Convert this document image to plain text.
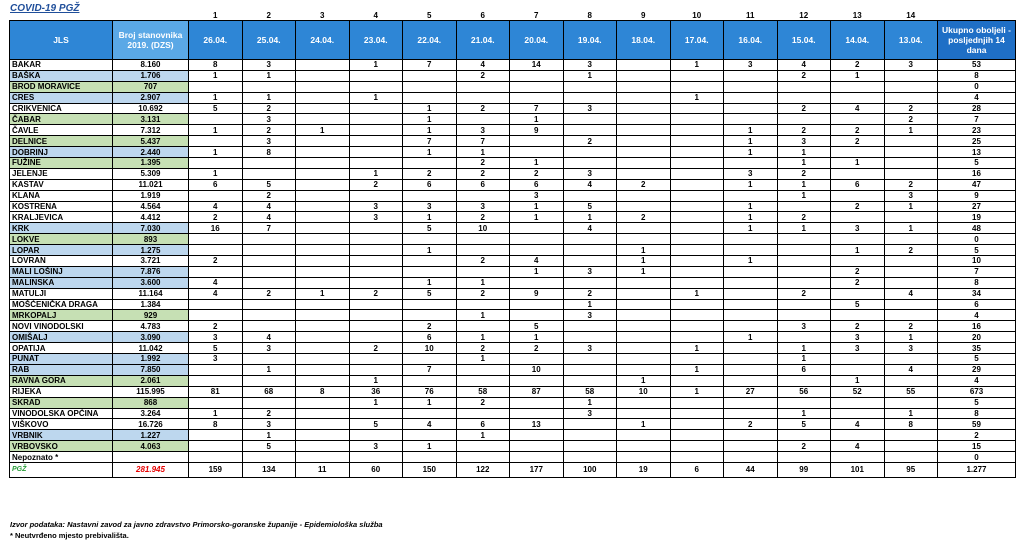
COVID-19 PGŽ
		1	2	3	4	5	6	7	8	9	10	11	12	13	14	
JLS	Broj stanovnika 2019. (DZS)	26.04.	25.04.	24.04.	23.04.	22.04.	21.04.	20.04.	19.04.	18.04.	17.04.	16.04.	15.04.	14.04.	13.04.	Ukupno oboljeli - posljednjih 14 dana
BAKAR	8.160	8	3		1	7	4	14	3		1	3	4	2	3	53
BAŠKA	1.706	1	1				2		1				2	1		8
BROD MORAVICE	707															0
CRES	2.907	1	1		1						1					4
CRIKVENICA	10.692	5	2			1	2	7	3				2	4	2	28
ČABAR	3.131		3			1		1							2	7
ČAVLE	7.312	1	2	1		1	3	9				1	2	2	1	23
DELNICE	5.437		3			7	7		2			1	3	2		25
DOBRINJ	2.440	1	8			1	1					1	1			13
FUŽINE	1.395						2	1					1	1		5
JELENJE	5.309	1			1	2	2	2	3			3	2			16
KASTAV	11.021	6	5		2	6	6	6	4	2		1	1	6	2	47
KLANA	1.919		2					3					1		3	9
KOSTRENA	4.564	4	4		3	3	3	1	5			1		2	1	27
KRALJEVICA	4.412	2	4		3	1	2	1	1	2		1	2			19
KRK	7.030	16	7			5	10		4			1	1	3	1	48
LOKVE	893															0
LOPAR	1.275					1				1				1	2	5
LOVRAN	3.721	2					2	4		1		1				10
MALI LOŠINJ	7.876							1	3	1				2		7
MALINSKA	3.600	4				1	1							2		8
MATULJI	11.164	4	2	1	2	5	2	9	2		1		2		4	34
MOŠĆENIČKA DRAGA	1.384								1					5		6
MRKOPALJ	929						1		3							4
NOVI VINODOLSKI	4.783	2				2		5					3	2	2	16
OMIŠALJ	3.090	3	4			6	1	1				1		3	1	20
OPATIJA	11.042	5	3		2	10	2	2	3		1		1	3	3	35
PUNAT	1.992	3					1						1			5
RAB	7.850		1			7		10			1		6		4	29
RAVNA GORA	2.061				1					1				1		4
RIJEKA	115.995	81	68	8	36	76	58	87	58	10	1	27	56	52	55	673
SKRAD	868				1	1	2		1							5
VINODOLSKA OPĆINA	3.264	1	2						3				1		1	8
VIŠKOVO	16.726	8	3		5	4	6	13		1		2	5	4	8	59
VRBNIK	1.227		1				1									2
VRBOVSKO	4.063		5		3	1							2	4		15
Nepoznato *																0
PGŽ	281.945	159	134	11	60	150	122	177	100	19	6	44	99	101	95	1.277
Izvor podataka: Nastavni zavod za javno zdravstvo Primorsko-goranske županije - Epidemiološka služba
* Neutvrđeno mjesto prebivališta.
